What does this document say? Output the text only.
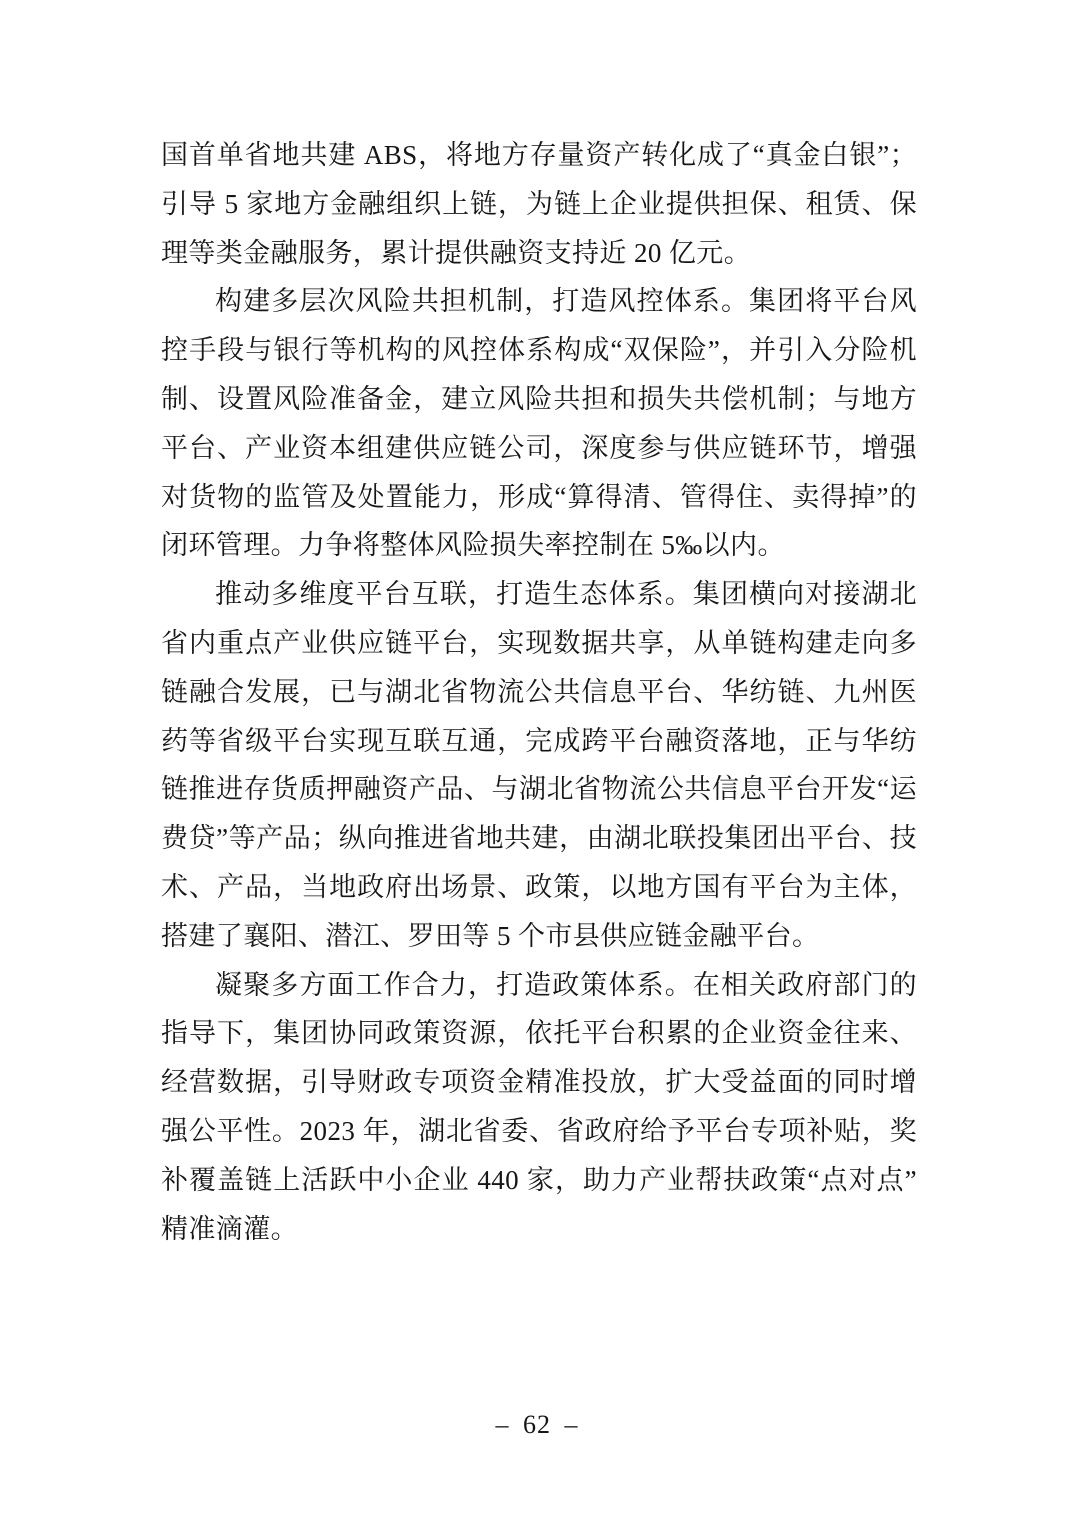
国首单省地共建 ABS，将地方存量资产转化成了“真金白银”；引导 5 家地方金融组织上链，为链上企业提供担保、租赁、保理等类金融服务，累计提供融资支持近 20 亿元。

构建多层次风险共担机制，打造风控体系。集团将平台风控手段与银行等机构的风控体系构成“双保险”，并引入分险机制、设置风险准备金，建立风险共担和损失共偿机制；与地方平台、产业资本组建供应链公司，深度参与供应链环节，增强对货物的监管及处置能力，形成“算得清、管得住、卖得掉”的闭环管理。力争将整体风险损失率控制在 5‰以内。

推动多维度平台互联，打造生态体系。集团横向对接湖北省内重点产业供应链平台，实现数据共享，从单链构建走向多链融合发展，已与湖北省物流公共信息平台、华纺链、九州医药等省级平台实现互联互通，完成跨平台融资落地，正与华纺链推进存货质押融资产品、与湖北省物流公共信息平台开发“运费贷”等产品；纵向推进省地共建，由湖北联投集团出平台、技术、产品，当地政府出场景、政策，以地方国有平台为主体，搭建了襄阳、潜江、罗田等 5 个市县供应链金融平台。

凝聚多方面工作合力，打造政策体系。在相关政府部门的指导下，集团协同政策资源，依托平台积累的企业资金往来、经营数据，引导财政专项资金精准投放，扩大受益面的同时增强公平性。2023 年，湖北省委、省政府给予平台专项补贴，奖补覆盖链上活跃中小企业 440 家，助力产业帮扶政策“点对点”精准滴灌。

– 62 –
